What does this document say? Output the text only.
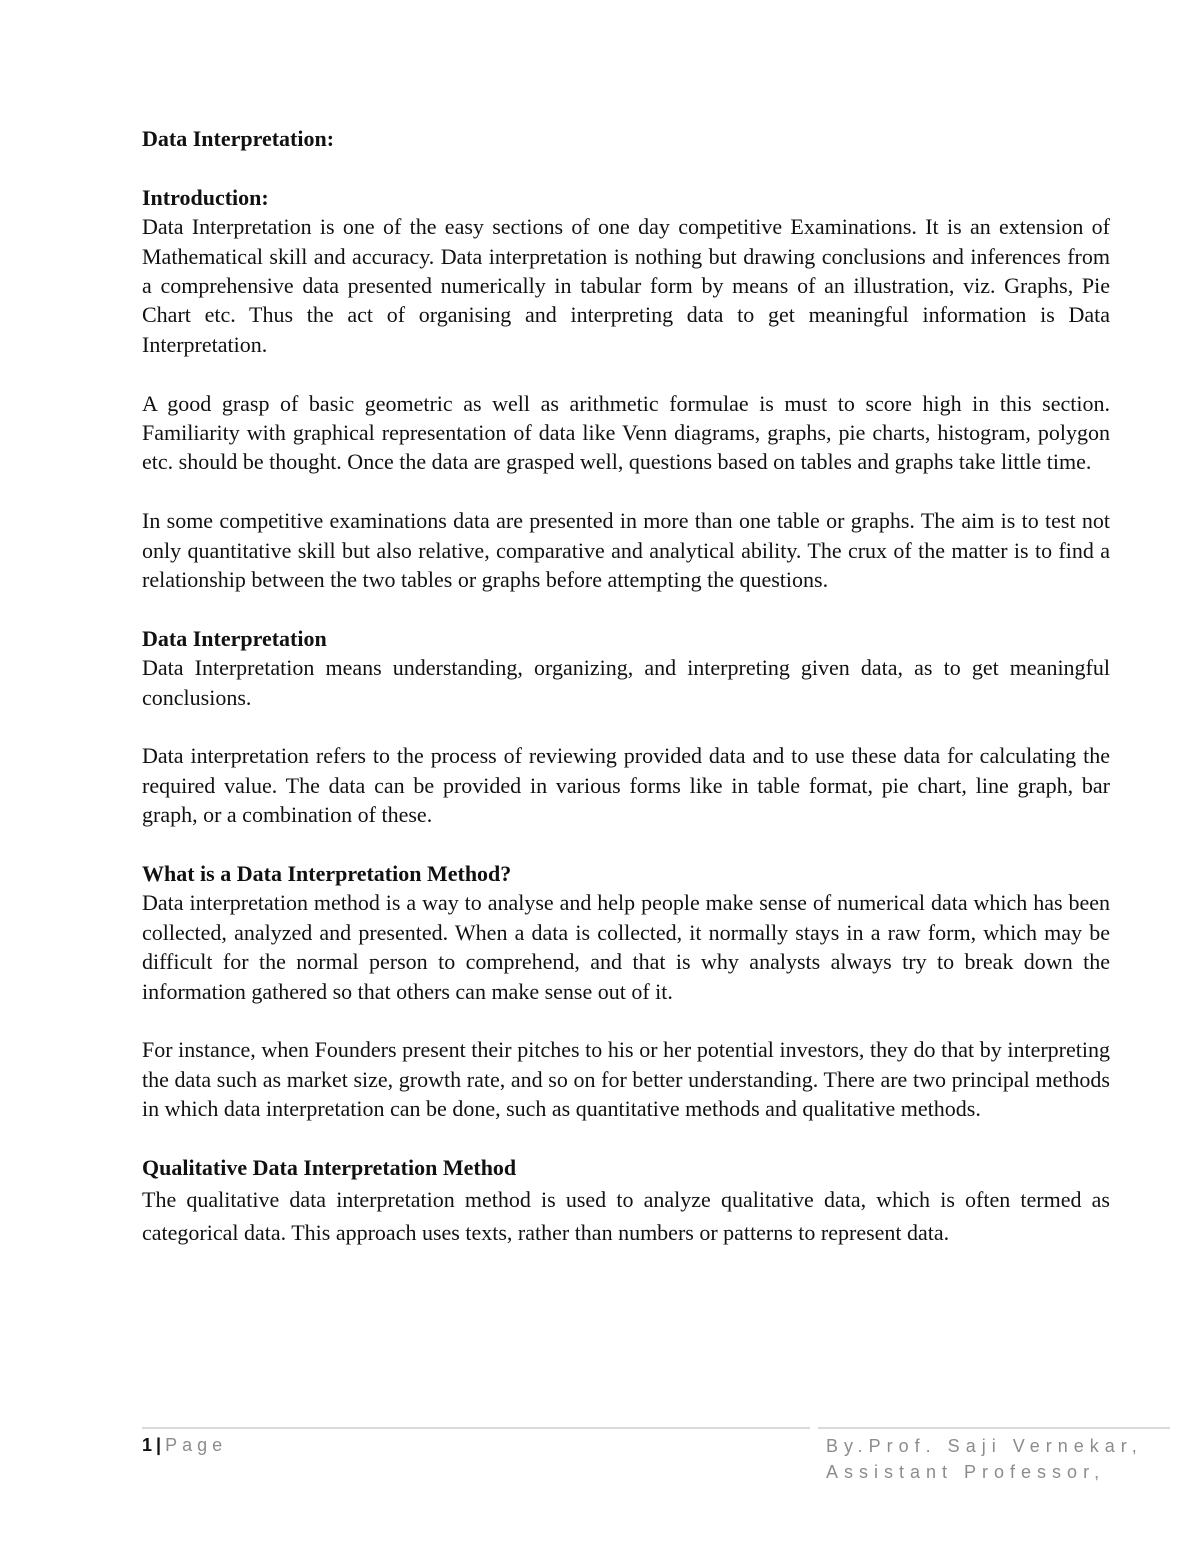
Data Interpretation:

Introduction:

Data Interpretation is one of the easy sections of one day competitive Examinations. It is an extension of Mathematical skill and accuracy. Data interpretation is nothing but drawing conclusions and inferences from a comprehensive data presented numerically in tabular form by means of an illustration, viz. Graphs, Pie Chart etc. Thus the act of organising and interpreting data to get meaningful information is Data Interpretation.

A good grasp of basic geometric as well as arithmetic formulae is must to score high in this section. Familiarity with graphical representation of data like Venn diagrams, graphs, pie charts, histogram, polygon etc. should be thought. Once the data are grasped well, questions based on tables and graphs take little time.

In some competitive examinations data are presented in more than one table or graphs. The aim is to test not only quantitative skill but also relative, comparative and analytical ability. The crux of the matter is to find a relationship between the two tables or graphs before attempting the questions.

Data Interpretation

Data Interpretation means understanding, organizing, and interpreting given data, as to get meaningful conclusions.

Data interpretation refers to the process of reviewing provided data and to use these data for calculating the required value. The data can be provided in various forms like in table format, pie chart, line graph, bar graph, or a combination of these.

What is a Data Interpretation Method?

Data interpretation method is a way to analyse and help people make sense of numerical data which has been collected, analyzed and presented. When a data is collected, it normally stays in a raw form, which may be difficult for the normal person to comprehend, and that is why analysts always try to break down the information gathered so that others can make sense out of it.

For instance, when Founders present their pitches to his or her potential investors, they do that by interpreting the data such as market size, growth rate, and so on for better understanding. There are two principal methods in which data interpretation can be done, such as quantitative methods and qualitative methods.

Qualitative Data Interpretation Method

The qualitative data interpretation method is used to analyze qualitative data, which is often termed as categorical data. This approach uses texts, rather than numbers or patterns to represent data.

1 | Page	By.Prof. Saji Vernekar,
Assistant Professor,
